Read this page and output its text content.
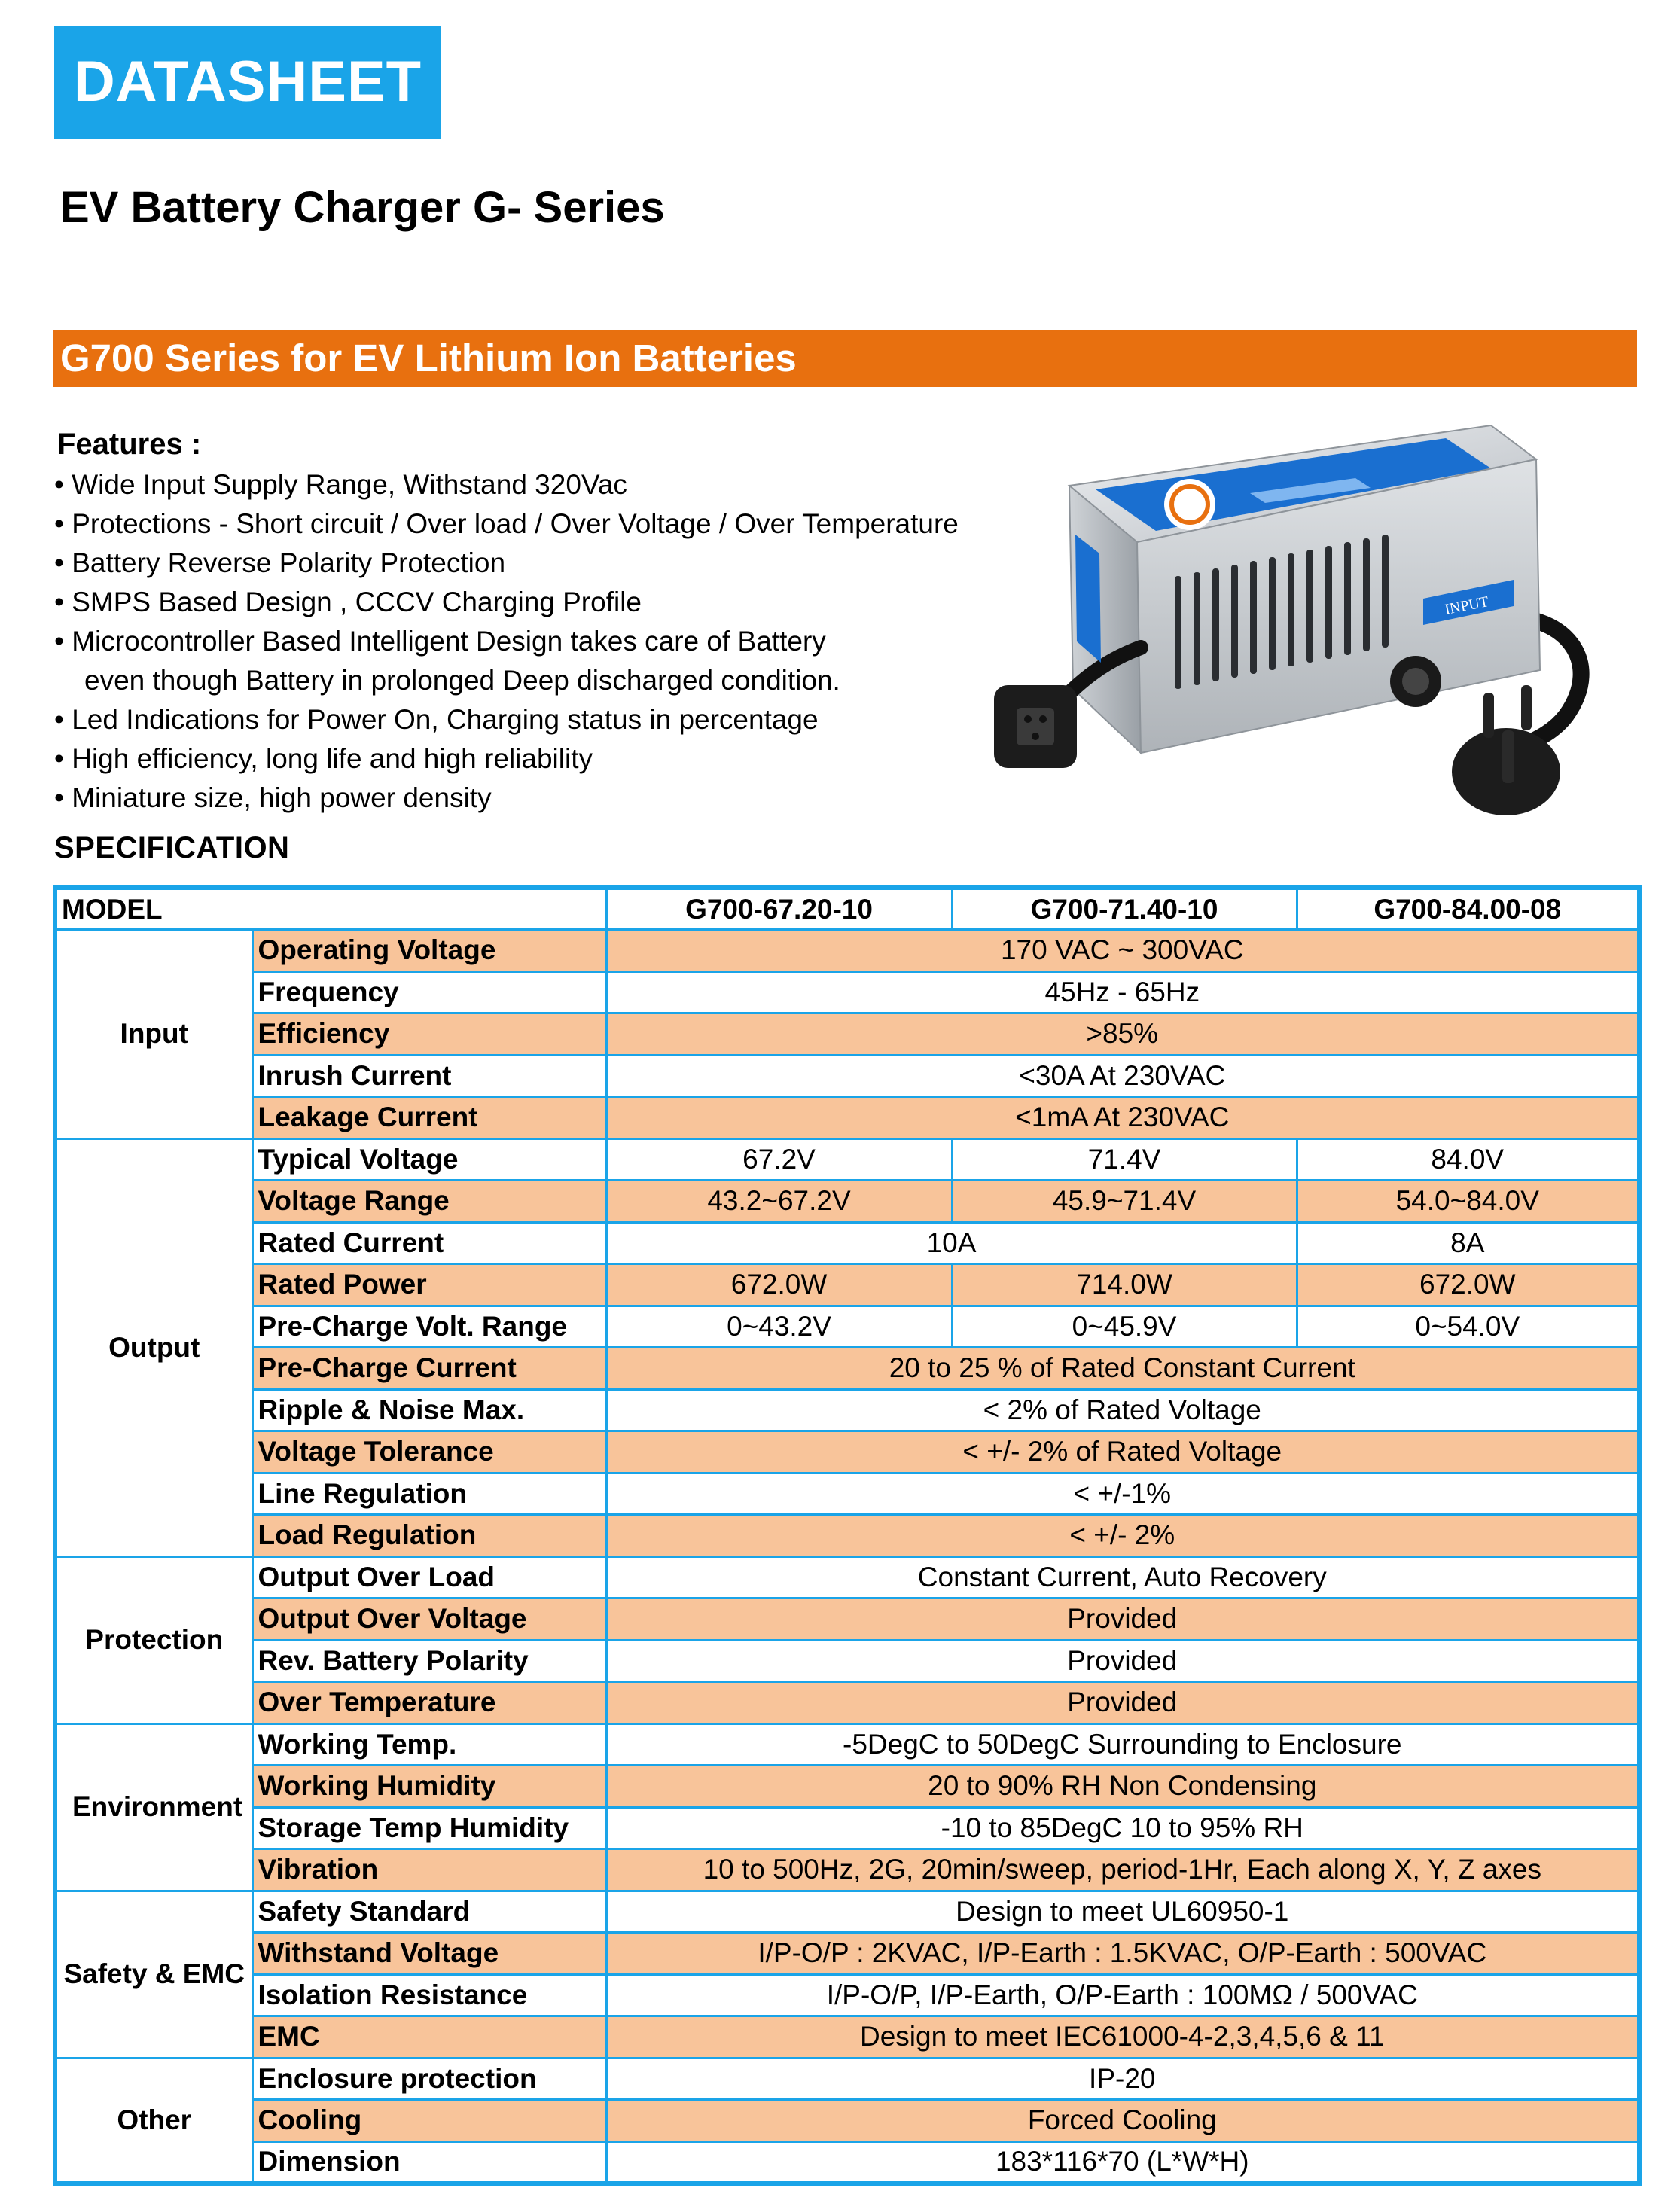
DATASHEET
EV Battery Charger G- Series
G700 Series for EV Lithium Ion Batteries
Features :
• Wide Input Supply Range, Withstand 320Vac
• Protections - Short circuit / Over load / Over Voltage / Over Temperature
• Battery Reverse Polarity Protection
• SMPS Based Design , CCCV Charging Profile
• Microcontroller Based Intelligent Design takes care of Battery
even though Battery in prolonged Deep discharged condition.
• Led Indications for Power On, Charging status in percentage
• High efficiency, long life and high reliability
• Miniature size, high power density
INPUT
SPECIFICATION
MODEL		G700-67.20-10	G700-71.40-10	G700-84.00-08
Input	Operating Voltage	170 VAC ~ 300VAC		
	Frequency	45Hz - 65Hz		
	Efficiency	>85%		
	Inrush Current	<30A At 230VAC		
	Leakage Current	<1mA At 230VAC		
Output	Typical Voltage	67.2V	71.4V	84.0V
	Voltage Range	43.2~67.2V	45.9~71.4V	54.0~84.0V
	Rated Current	10A		8A
	Rated Power	672.0W	714.0W	672.0W
	Pre-Charge Volt. Range	0~43.2V	0~45.9V	0~54.0V
	Pre-Charge Current	20 to 25 % of Rated Constant Current		
	Ripple & Noise Max.	< 2% of Rated Voltage		
	Voltage Tolerance	< +/- 2% of Rated Voltage		
	Line Regulation	< +/-1%		
	Load Regulation	< +/- 2%		
Protection	Output Over Load	Constant Current, Auto Recovery		
	Output Over Voltage	Provided		
	Rev. Battery Polarity	Provided		
	Over Temperature	Provided		
Environment	Working Temp.	-5DegC to 50DegC Surrounding to Enclosure		
	Working Humidity	20 to 90% RH Non Condensing		
	Storage Temp Humidity	-10 to 85DegC 10 to 95% RH		
	Vibration	10 to 500Hz, 2G, 20min/sweep, period-1Hr, Each along X, Y, Z axes		
Safety & EMC	Safety Standard	Design to meet UL60950-1		
	Withstand Voltage	I/P-O/P : 2KVAC, I/P-Earth : 1.5KVAC, O/P-Earth : 500VAC		
	Isolation Resistance	I/P-O/P, I/P-Earth, O/P-Earth : 100MΩ / 500VAC		
	EMC	Design to meet IEC61000-4-2,3,4,5,6 & 11		
Other	Enclosure protection	IP-20		
	Cooling	Forced Cooling		
	Dimension	183*116*70 (L*W*H)		
